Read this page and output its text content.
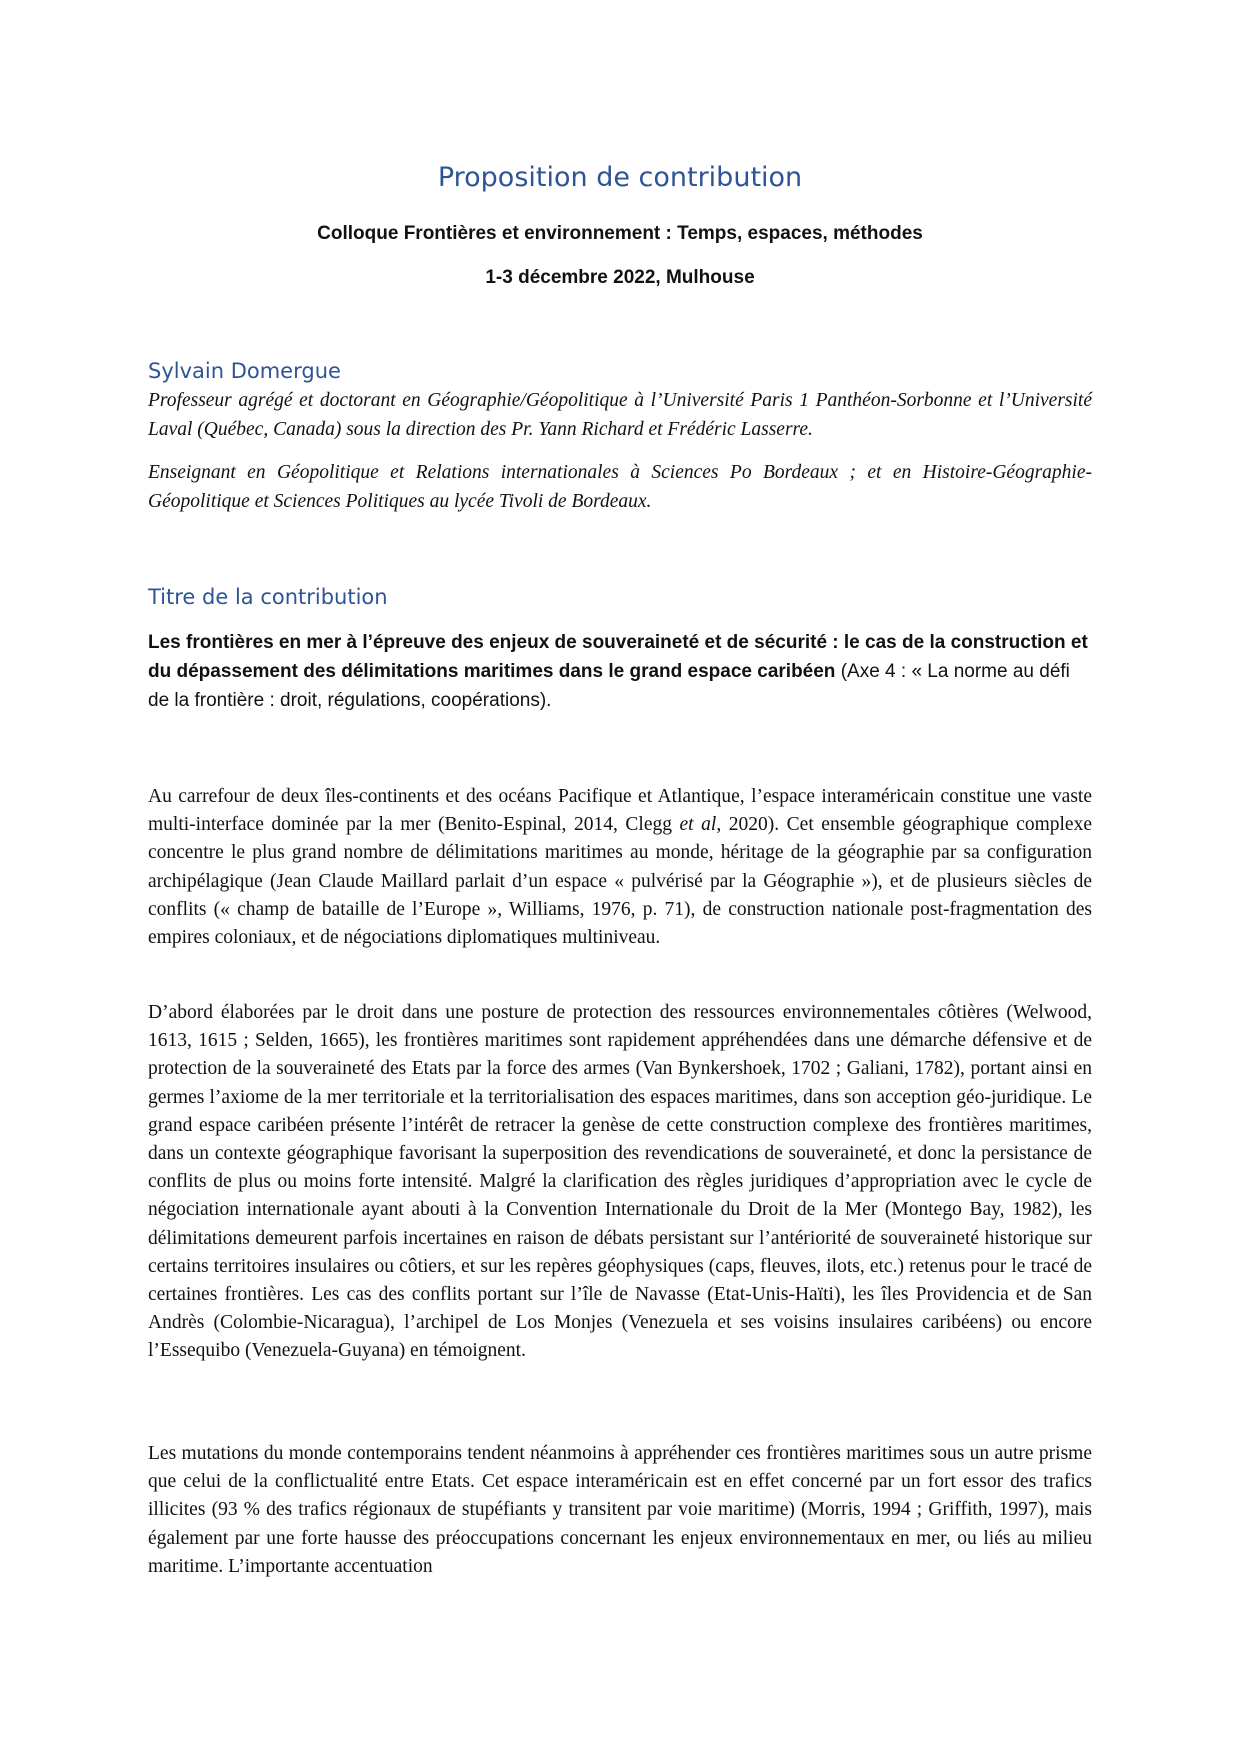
Proposition de contribution

Colloque Frontières et environnement : Temps, espaces, méthodes

1-3 décembre 2022, Mulhouse

Sylvain Domergue

Professeur agrégé et doctorant en Géographie/Géopolitique à l’Université Paris 1 Panthéon-Sorbonne et l’Université Laval (Québec, Canada) sous la direction des Pr. Yann Richard et Frédéric Lasserre.

Enseignant en Géopolitique et Relations internationales à Sciences Po Bordeaux ; et en Histoire-Géographie-Géopolitique et Sciences Politiques au lycée Tivoli de Bordeaux.

Titre de la contribution

Les frontières en mer à l’épreuve des enjeux de souveraineté et de sécurité : le cas de la construction et du dépassement des délimitations maritimes dans le grand espace caribéen (Axe 4 : « La norme au défi de la frontière : droit, régulations, coopérations).

Au carrefour de deux îles-continents et des océans Pacifique et Atlantique, l’espace interaméricain constitue une vaste multi-interface dominée par la mer (Benito-Espinal, 2014, Clegg et al, 2020). Cet ensemble géographique complexe concentre le plus grand nombre de délimitations maritimes au monde, héritage de la géographie par sa configuration archipélagique (Jean Claude Maillard parlait d’un espace « pulvérisé par la Géographie »), et de plusieurs siècles de conflits (« champ de bataille de l’Europe », Williams, 1976, p. 71), de construction nationale post-fragmentation des empires coloniaux, et de négociations diplomatiques multiniveau.

D’abord élaborées par le droit dans une posture de protection des ressources environnementales côtières (Welwood, 1613, 1615 ; Selden, 1665), les frontières maritimes sont rapidement appréhendées dans une démarche défensive et de protection de la souveraineté des Etats par la force des armes (Van Bynkershoek, 1702 ; Galiani, 1782), portant ainsi en germes l’axiome de la mer territoriale et la territorialisation des espaces maritimes, dans son acception géo-juridique. Le grand espace caribéen présente l’intérêt de retracer la genèse de cette construction complexe des frontières maritimes, dans un contexte géographique favorisant la superposition des revendications de souveraineté, et donc la persistance de conflits de plus ou moins forte intensité. Malgré la clarification des règles juridiques d’appropriation avec le cycle de négociation internationale ayant abouti à la Convention Internationale du Droit de la Mer (Montego Bay, 1982), les délimitations demeurent parfois incertaines en raison de débats persistant sur l’antériorité de souveraineté historique sur certains territoires insulaires ou côtiers, et sur les repères géophysiques (caps, fleuves, ilots, etc.) retenus pour le tracé de certaines frontières. Les cas des conflits portant sur l’île de Navasse (Etat-Unis-Haïti), les îles Providencia et de San Andrès (Colombie-Nicaragua), l’archipel de Los Monjes (Venezuela et ses voisins insulaires caribéens) ou encore l’Essequibo (Venezuela-Guyana) en témoignent.

Les mutations du monde contemporains tendent néanmoins à appréhender ces frontières maritimes sous un autre prisme que celui de la conflictualité entre Etats. Cet espace interaméricain est en effet concerné par un fort essor des trafics illicites (93 % des trafics régionaux de stupéfiants y transitent par voie maritime) (Morris, 1994 ; Griffith, 1997), mais également par une forte hausse des préoccupations concernant les enjeux environnementaux en mer, ou liés au milieu maritime. L’importante accentuation
